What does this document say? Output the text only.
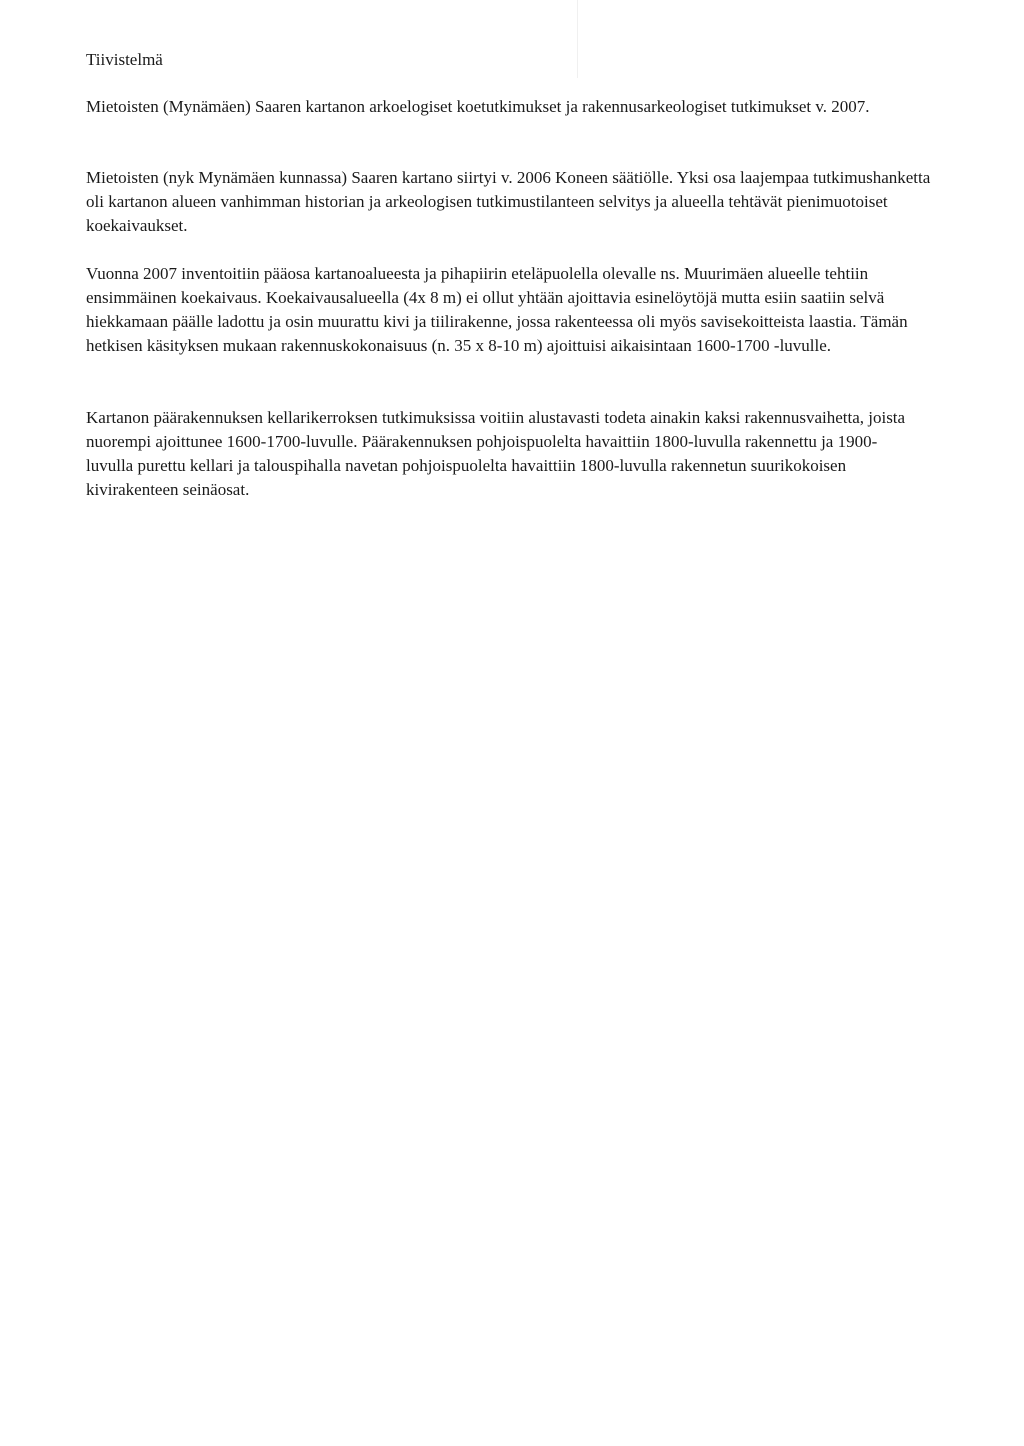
Tiivistelmä
Mietoisten (Mynämäen) Saaren kartanon arkoelogiset koetutkimukset ja rakennusarkeologiset tutkimukset v. 2007.

Mietoisten (nyk Mynämäen kunnassa) Saaren kartano siirtyi v. 2006 Koneen säätiölle. Yksi osa laajempaa tutkimushanketta oli kartanon alueen vanhimman historian ja arkeologisen tutkimustilanteen selvitys ja alueella tehtävät pienimuotoiset koekaivaukset.

Vuonna 2007 inventoitiin pääosa kartanoalueesta ja pihapiirin eteläpuolella olevalle ns. Muurimäen alueelle tehtiin ensimmäinen koekaivaus. Koekaivausalueella (4x 8 m) ei ollut yhtään ajoittavia esinelöytöjä mutta esiin saatiin selvä hiekkamaan päälle ladottu ja osin muurattu kivi ja tiilirakenne, jossa rakenteessa oli myös savisekoitteista laastia. Tämän hetkisen käsityksen mukaan rakennuskokonaisuus (n. 35 x 8-10 m) ajoittuisi aikaisintaan 1600-1700 -luvulle.

Kartanon päärakennuksen kellarikerroksen tutkimuksissa voitiin alustavasti todeta ainakin kaksi rakennusvaihetta, joista nuorempi ajoittunee 1600-1700-luvulle. Päärakennuksen pohjoispuolelta havaittiin 1800-luvulla rakennettu ja 1900-luvulla purettu kellari ja talouspihalla navetan pohjoispuolelta havaittiin 1800-luvulla rakennetun suurikokoisen kivirakenteen seinäosat.
